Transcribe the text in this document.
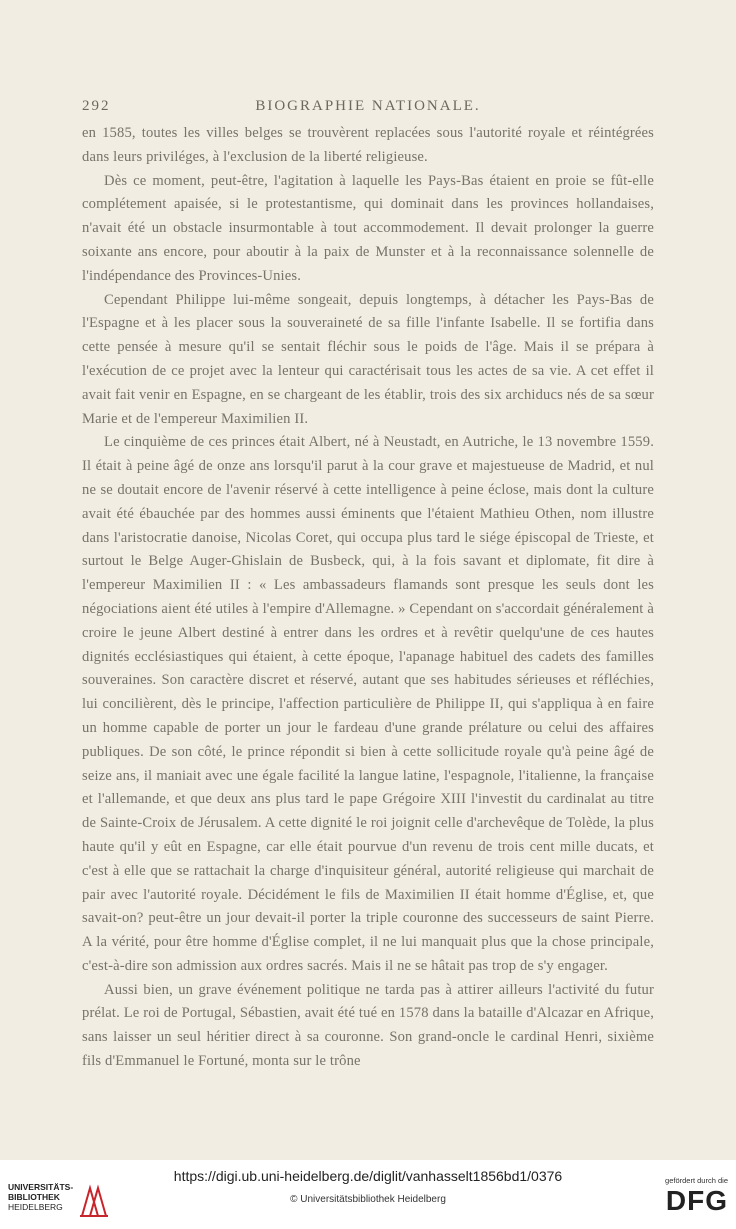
292	BIOGRAPHIE NATIONALE.

en 1585, toutes les villes belges se trouvèrent replacées sous l'autorité royale et réintégrées dans leurs priviléges, à l'exclusion de la liberté religieuse.

Dès ce moment, peut-être, l'agitation à laquelle les Pays-Bas étaient en proie se fût-elle complétement apaisée, si le protestantisme, qui dominait dans les provinces hollandaises, n'avait été un obstacle insurmontable à tout accommodement. Il devait prolonger la guerre soixante ans encore, pour aboutir à la paix de Munster et à la reconnaissance solennelle de l'indépendance des Provinces-Unies.

Cependant Philippe lui-même songeait, depuis longtemps, à détacher les Pays-Bas de l'Espagne et à les placer sous la souveraineté de sa fille l'infante Isabelle. Il se fortifia dans cette pensée à mesure qu'il se sentait fléchir sous le poids de l'âge. Mais il se prépara à l'exécution de ce projet avec la lenteur qui caractérisait tous les actes de sa vie. A cet effet il avait fait venir en Espagne, en se chargeant de les établir, trois des six archiducs nés de sa sœur Marie et de l'empereur Maximilien II.

Le cinquième de ces princes était Albert, né à Neustadt, en Autriche, le 13 novembre 1559. Il était à peine âgé de onze ans lorsqu'il parut à la cour grave et majestueuse de Madrid, et nul ne se doutait encore de l'avenir réservé à cette intelligence à peine éclose, mais dont la culture avait été ébauchée par des hommes aussi éminents que l'étaient Mathieu Othen, nom illustre dans l'aristocratie danoise, Nicolas Coret, qui occupa plus tard le siége épiscopal de Trieste, et surtout le Belge Auger-Ghislain de Busbeck, qui, à la fois savant et diplomate, fit dire à l'empereur Maximilien II : « Les ambassadeurs flamands sont presque les seuls dont les négociations aient été utiles à l'empire d'Allemagne. » Cependant on s'accordait généralement à croire le jeune Albert destiné à entrer dans les ordres et à revêtir quelqu'une de ces hautes dignités ecclésiastiques qui étaient, à cette époque, l'apanage habituel des cadets des familles souveraines. Son caractère discret et réservé, autant que ses habitudes sérieuses et réfléchies, lui concilièrent, dès le principe, l'affection particulière de Philippe II, qui s'appliqua à en faire un homme capable de porter un jour le fardeau d'une grande prélature ou celui des affaires publiques. De son côté, le prince répondit si bien à cette sollicitude royale qu'à peine âgé de seize ans, il maniait avec une égale facilité la langue latine, l'espagnole, l'italienne, la française et l'allemande, et que deux ans plus tard le pape Grégoire XIII l'investit du cardinalat au titre de Sainte-Croix de Jérusalem. A cette dignité le roi joignit celle d'archevêque de Tolède, la plus haute qu'il y eût en Espagne, car elle était pourvue d'un revenu de trois cent mille ducats, et c'est à elle que se rattachait la charge d'inquisiteur général, autorité religieuse qui marchait de pair avec l'autorité royale. Décidément le fils de Maximilien II était homme d'Église, et, que savait-on? peut-être un jour devait-il porter la triple couronne des successeurs de saint Pierre. A la vérité, pour être homme d'Église complet, il ne lui manquait plus que la chose principale, c'est-à-dire son admission aux ordres sacrés. Mais il ne se hâtait pas trop de s'y engager.

Aussi bien, un grave événement politique ne tarda pas à attirer ailleurs l'activité du futur prélat. Le roi de Portugal, Sébastien, avait été tué en 1578 dans la bataille d'Alcazar en Afrique, sans laisser un seul héritier direct à sa couronne. Son grand-oncle le cardinal Henri, sixième fils d'Emmanuel le Fortuné, monta sur le trône

UNIVERSITÄTS-
BIBLIOTHEK
HEIDELBERG
https://digi.ub.uni-heidelberg.de/diglit/vanhasselt1856bd1/0376
© Universitätsbibliothek Heidelberg
gefördert durch die
DFG
